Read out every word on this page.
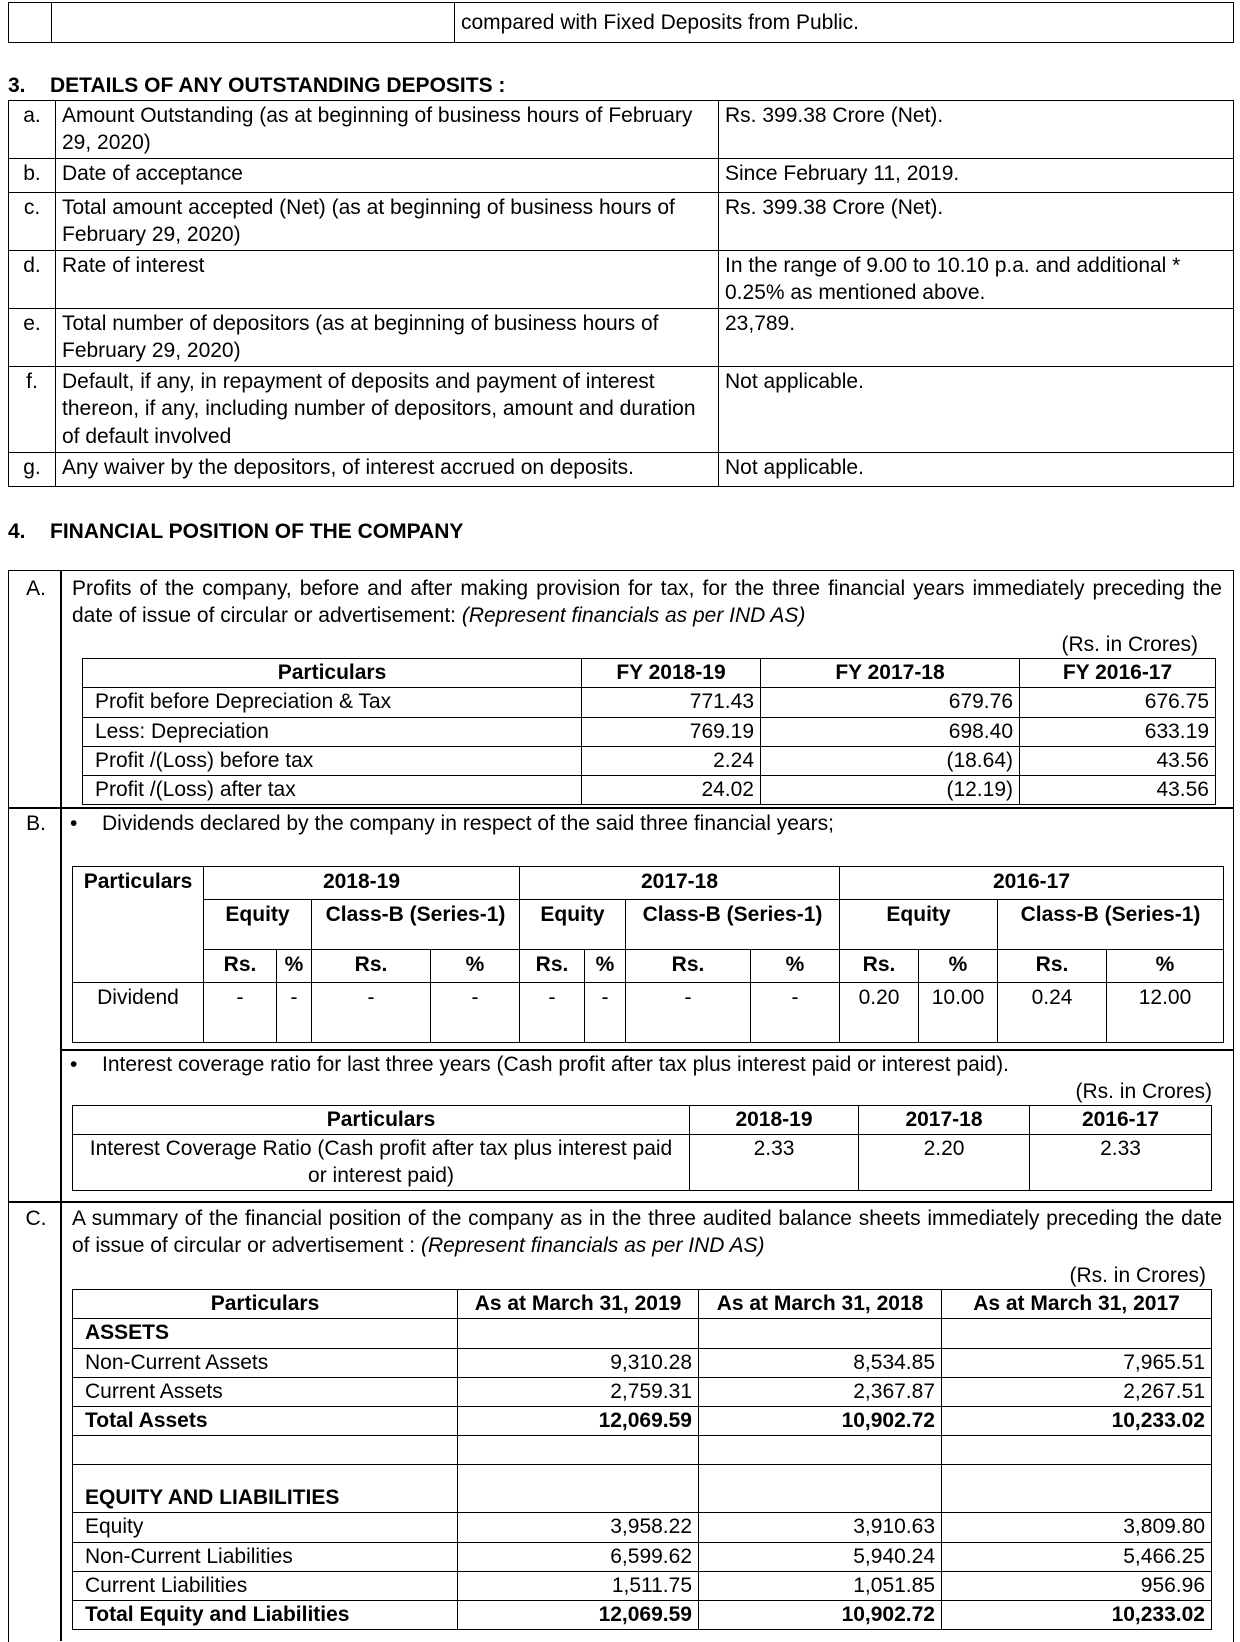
		compared with Fixed Deposits from Public.
3. DETAILS OF ANY OUTSTANDING DEPOSITS :
a.	Amount Outstanding (as at beginning of business hours of February 29, 2020)	Rs. 399.38 Crore (Net).
b.	Date of acceptance	Since February 11, 2019.
c.	Total amount accepted (Net) (as at beginning of business hours of February 29, 2020)	Rs. 399.38 Crore (Net).
d.	Rate of interest	In the range of 9.00 to 10.10 p.a. and additional * 0.25% as mentioned above.
e.	Total number of depositors (as at beginning of business hours of February 29, 2020)	23,789.
f.	Default, if any, in repayment of deposits and payment of interest thereon, if any, including number of depositors, amount and duration of default involved	Not applicable.
g.	Any waiver by the depositors, of interest accrued on deposits.	Not applicable.
4. FINANCIAL POSITION OF THE COMPANY
A.	Profits of the company, before and after making provision for tax, for the three financial years immediately preceding the date of issue of circular or advertisement: (Represent financials as per IND AS)
(Rs. in Crores)
Particulars	FY 2018-19	FY 2017-18	FY 2016-17
Profit before Depreciation & Tax	771.43	679.76	676.75
Less: Depreciation	769.19	698.40	633.19
Profit /(Loss) before tax	2.24	(18.64)	43.56
Profit /(Loss) after tax	24.02	(12.19)	43.56
B.	• Dividends declared by the company in respect of the said three financial years;
Particulars	2018-19				2017-18				2016-17			
	Equity		Class-B (Series-1)		Equity		Class-B (Series-1)		Equity		Class-B (Series-1)	
	Rs.	%	Rs.	%	Rs.	%	Rs.	%	Rs.	%	Rs.	%
Dividend	-	-	-	-	-	-	-	-	0.20	10.00	0.24	12.00
• Interest coverage ratio for last three years (Cash profit after tax plus interest paid or interest paid).
(Rs. in Crores)
Particulars	2018-19	2017-18	2016-17
Interest Coverage Ratio (Cash profit after tax plus interest paid or interest paid)	2.33	2.20	2.33
C.	A summary of the financial position of the company as in the three audited balance sheets immediately preceding the date of issue of circular or advertisement : (Represent financials as per IND AS)
(Rs. in Crores)
Particulars	As at March 31, 2019	As at March 31, 2018	As at March 31, 2017
ASSETS			
Non-Current Assets	9,310.28	8,534.85	7,965.51
Current Assets	2,759.31	2,367.87	2,267.51
Total Assets	12,069.59	10,902.72	10,233.02

EQUITY AND LIABILITIES			
Equity	3,958.22	3,910.63	3,809.80
Non-Current Liabilities	6,599.62	5,940.24	5,466.25
Current Liabilities	1,511.75	1,051.85	956.96
Total Equity and Liabilities	12,069.59	10,902.72	10,233.02
